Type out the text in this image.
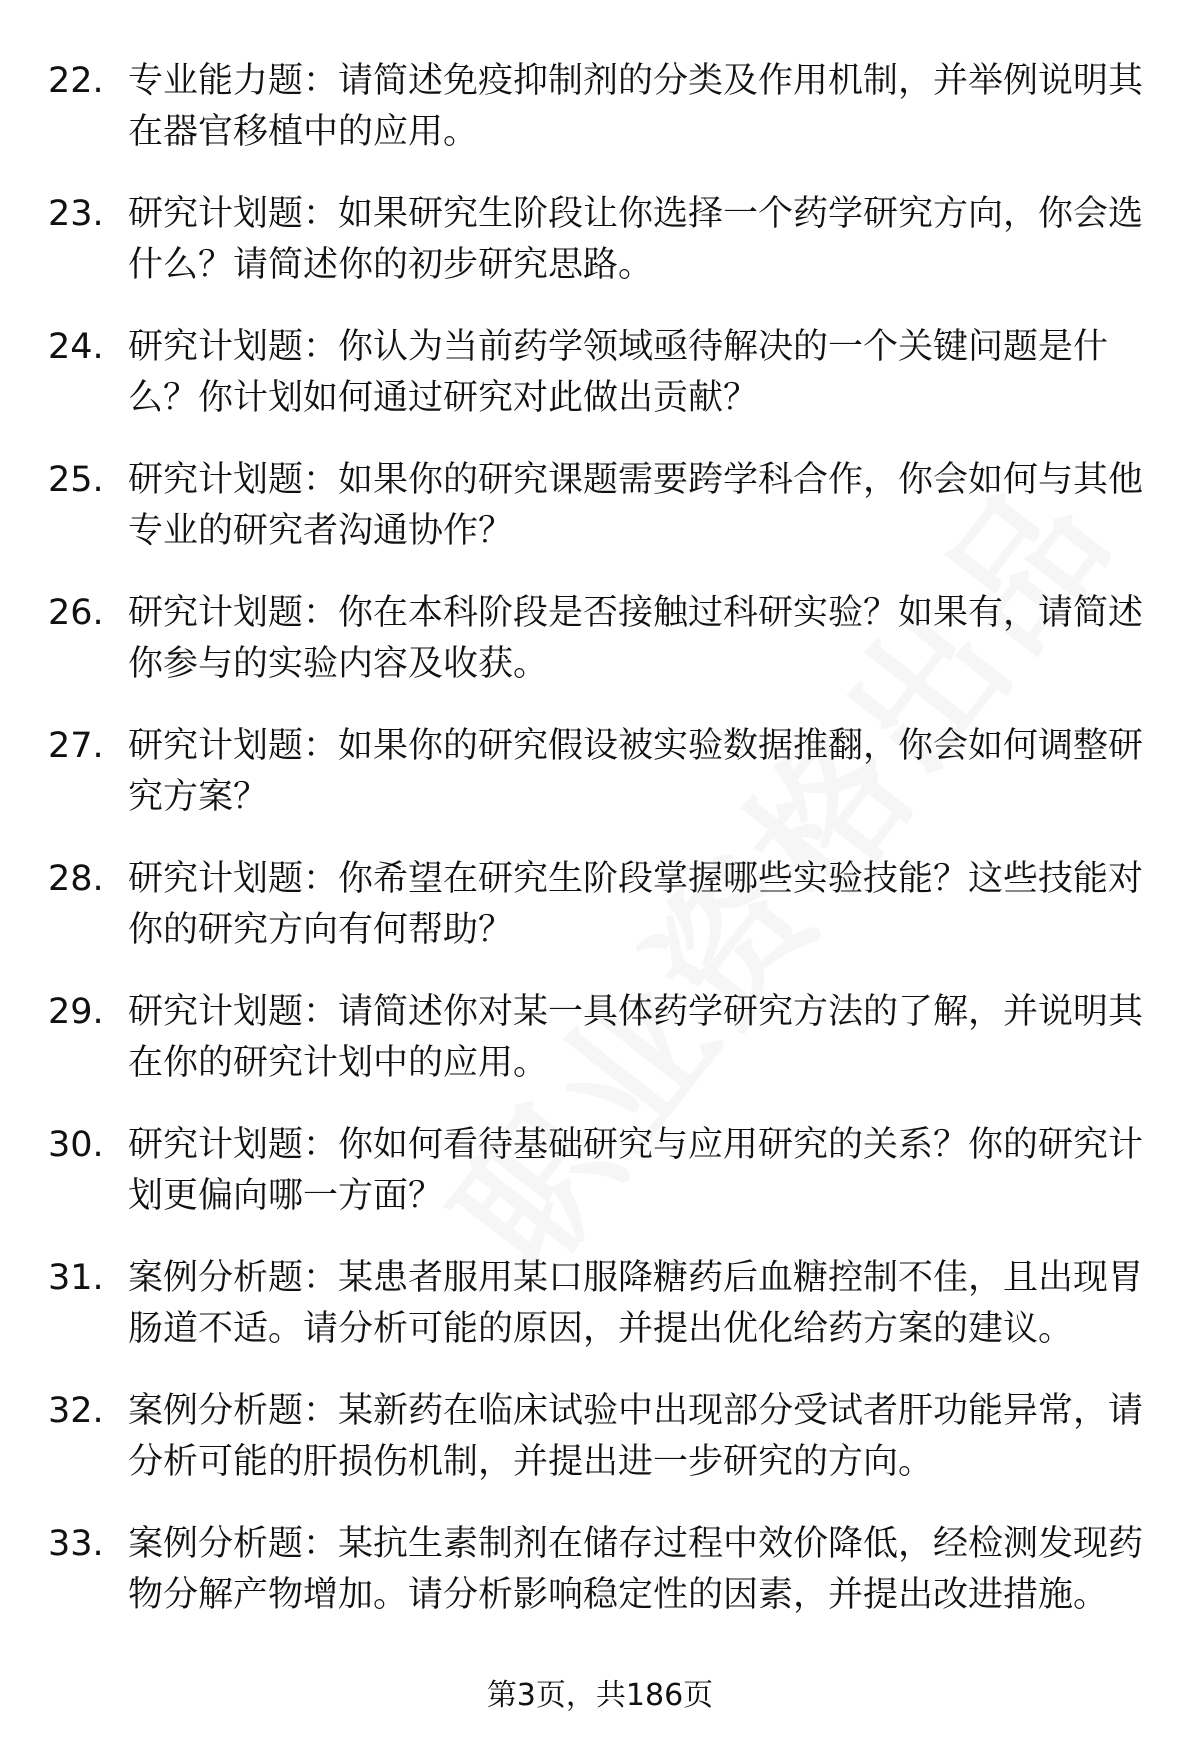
22. 专业能力题：请简述免疫抑制剂的分类及作用机制，并举例说明其在器官移植中的应用。
23. 研究计划题：如果研究生阶段让你选择一个药学研究方向，你会选什么？请简述你的初步研究思路。
24. 研究计划题：你认为当前药学领域亟待解决的一个关键问题是什么？你计划如何通过研究对此做出贡献？
25. 研究计划题：如果你的研究课题需要跨学科合作，你会如何与其他专业的研究者沟通协作？
26. 研究计划题：你在本科阶段是否接触过科研实验？如果有，请简述你参与的实验内容及收获。
27. 研究计划题：如果你的研究假设被实验数据推翻，你会如何调整研究方案？
28. 研究计划题：你希望在研究生阶段掌握哪些实验技能？这些技能对你的研究方向有何帮助？
29. 研究计划题：请简述你对某一具体药学研究方法的了解，并说明其在你的研究计划中的应用。
30. 研究计划题：你如何看待基础研究与应用研究的关系？你的研究计划更偏向哪一方面？
31. 案例分析题：某患者服用某口服降糖药后血糖控制不佳，且出现胃肠道不适。请分析可能的原因，并提出优化给药方案的建议。
32. 案例分析题：某新药在临床试验中出现部分受试者肝功能异常，请分析可能的肝损伤机制，并提出进一步研究的方向。
33. 案例分析题：某抗生素制剂在储存过程中效价降低，经检测发现药物分解产物增加。请分析影响稳定性的因素，并提出改进措施。
第3页，共186页
